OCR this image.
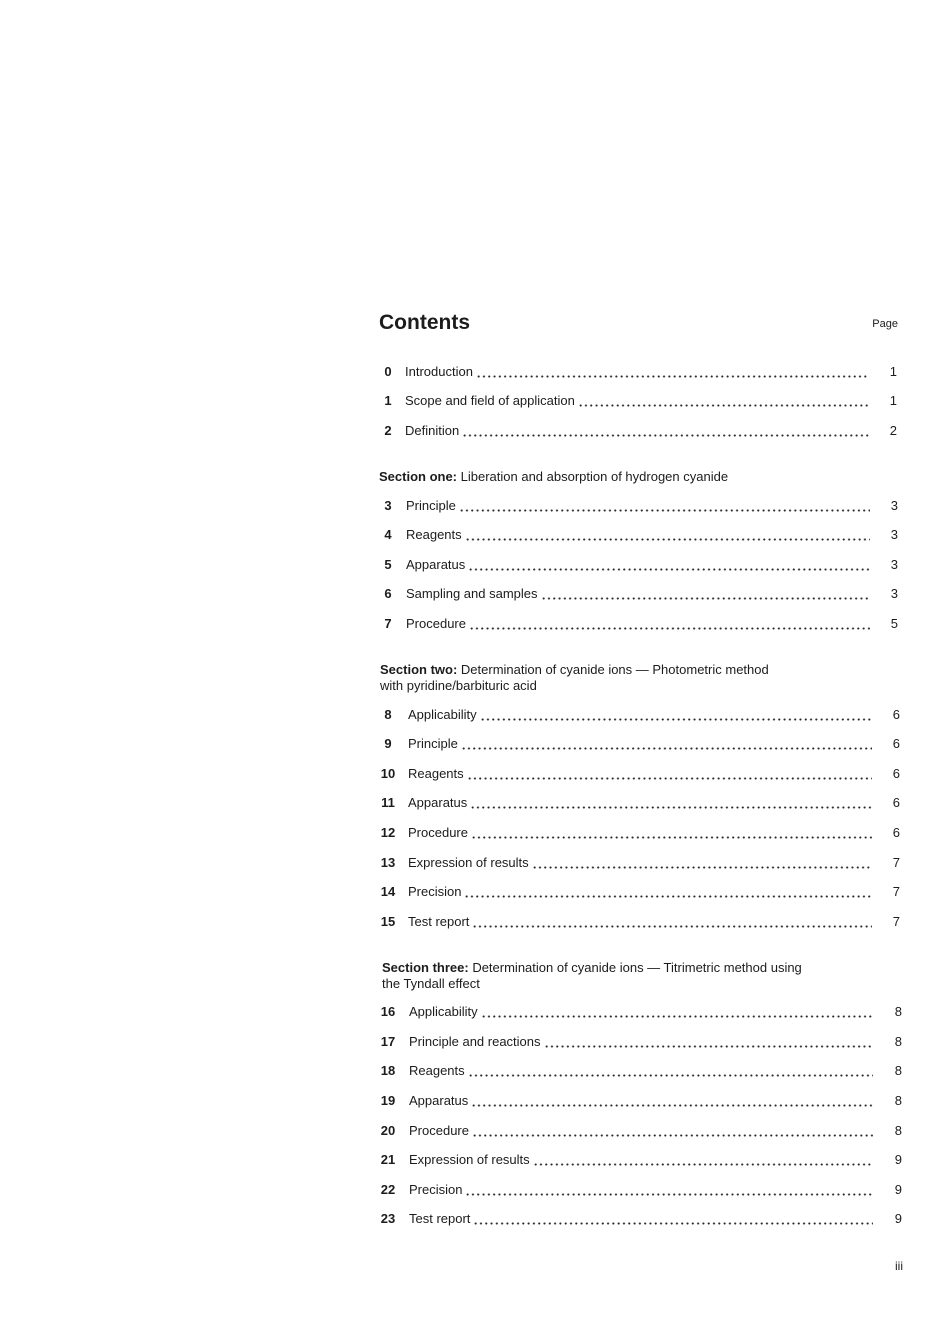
Contents	Page
0	Introduction	1
1	Scope and field of application	1
2	Definition	2
Section one: Liberation and absorption of hydrogen cyanide
3	Principle	3
4	Reagents	3
5	Apparatus	3
6	Sampling and samples	3
7	Procedure	5
Section two: Determination of cyanide ions — Photometric method
with pyridine/barbituric acid
8	Applicability	6
9	Principle	6
10 Reagents	6
11 Apparatus	6
12 Procedure	6
13 Expression of results	7
14 Precision	7
15 Test report	7
Section three: Determination of cyanide ions — Titrimetric method using
the Tyndall effect
16 Applicability	8
17 Principle and reactions	8
18 Reagents	8
19 Apparatus	8
20 Procedure	8
21 Expression of results	9
22 Precision	9
23 Test report	9
iii
